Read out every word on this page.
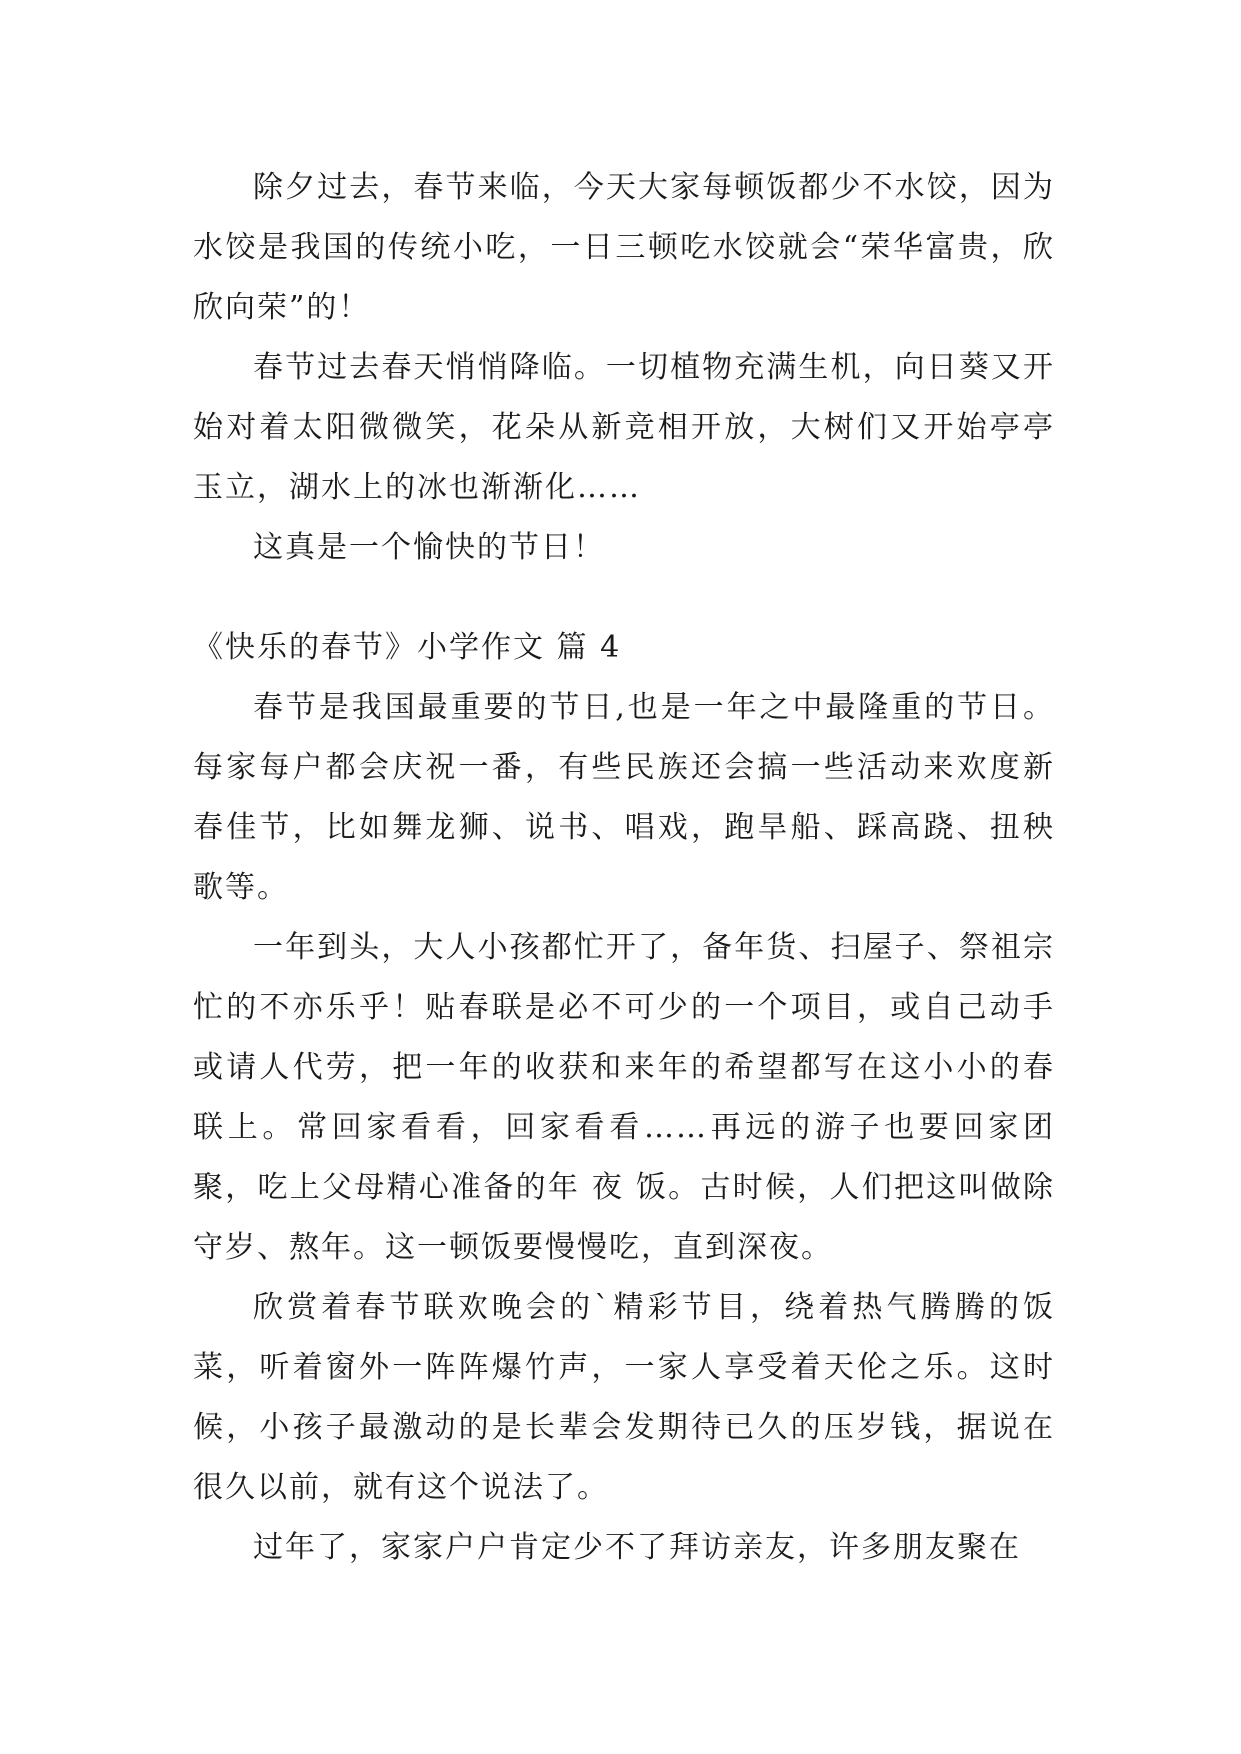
除夕过去，春节来临，今天大家每顿饭都少不水饺，因为水饺是我国的传统小吃，一日三顿吃水饺就会“荣华富贵，欣欣向荣”的！

春节过去春天悄悄降临。一切植物充满生机，向日葵又开始对着太阳微微笑，花朵从新竞相开放，大树们又开始亭亭玉立，湖水上的冰也渐渐化……

这真是一个愉快的节日！

《快乐的春节》小学作文 篇 4

春节是我国最重要的节日,也是一年之中最隆重的节日。每家每户都会庆祝一番，有些民族还会搞一些活动来欢度新春佳节，比如舞龙狮、说书、唱戏，跑旱船、踩高跷、扭秧歌等。

一年到头，大人小孩都忙开了，备年货、扫屋子、祭祖宗忙的不亦乐乎！贴春联是必不可少的一个项目，或自己动手或请人代劳，把一年的收获和来年的希望都写在这小小的春联上。常回家看看，回家看看……再远的游子也要回家团聚，吃上父母精心准备的年 夜 饭。古时候，人们把这叫做除守岁、熬年。这一顿饭要慢慢吃，直到深夜。

欣赏着春节联欢晚会的`精彩节目，绕着热气腾腾的饭菜，听着窗外一阵阵爆竹声，一家人享受着天伦之乐。这时候，小孩子最激动的是长辈会发期待已久的压岁钱，据说在很久以前，就有这个说法了。

过年了，家家户户肯定少不了拜访亲友，许多朋友聚在
